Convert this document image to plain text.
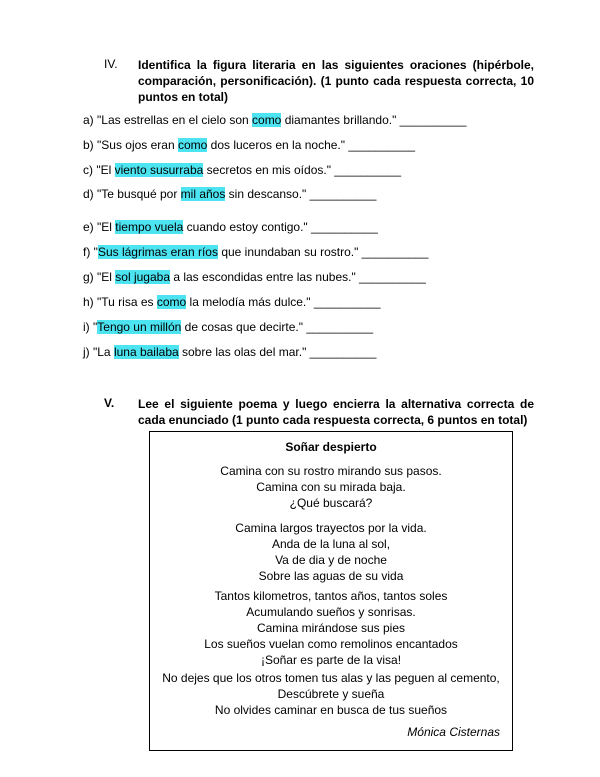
IV. Identifica la figura literaria en las siguientes oraciones (hipérbole, comparación, personificación). (1 punto cada respuesta correcta, 10 puntos en total)
a) "Las estrellas en el cielo son como diamantes brillando." __________
b) "Sus ojos eran como dos luceros en la noche." __________
c) "El viento susurraba secretos en mis oídos." __________
d) "Te busqué por mil años sin descanso." __________
e) "El tiempo vuela cuando estoy contigo." __________
f) "Sus lágrimas eran ríos que inundaban su rostro." __________
g) "El sol jugaba a las escondidas entre las nubes." __________
h) "Tu risa es como la melodía más dulce." __________
i) "Tengo un millón de cosas que decirte." __________
j) "La luna bailaba sobre las olas del mar." __________
V. Lee el siguiente poema y luego encierra la alternativa correcta de cada enunciado (1 punto cada respuesta correcta, 6 puntos en total)
Soñar despierto
Camina con su rostro mirando sus pasos.
Camina con su mirada baja.
¿Qué buscará?
Camina largos trayectos por la vida.
Anda de la luna al sol,
Va de dia y de noche
Sobre las aguas de su vida
Tantos kilometros, tantos años, tantos soles
Acumulando sueños y sonrisas.
Camina mirándose sus pies
Los sueños vuelan como remolinos encantados
¡Soñar es parte de la visa!
No dejes que los otros tomen tus alas y las peguen al cemento,
Descúbrete y sueña
No olvides caminar en busca de tus sueños
Mónica Cisternas
